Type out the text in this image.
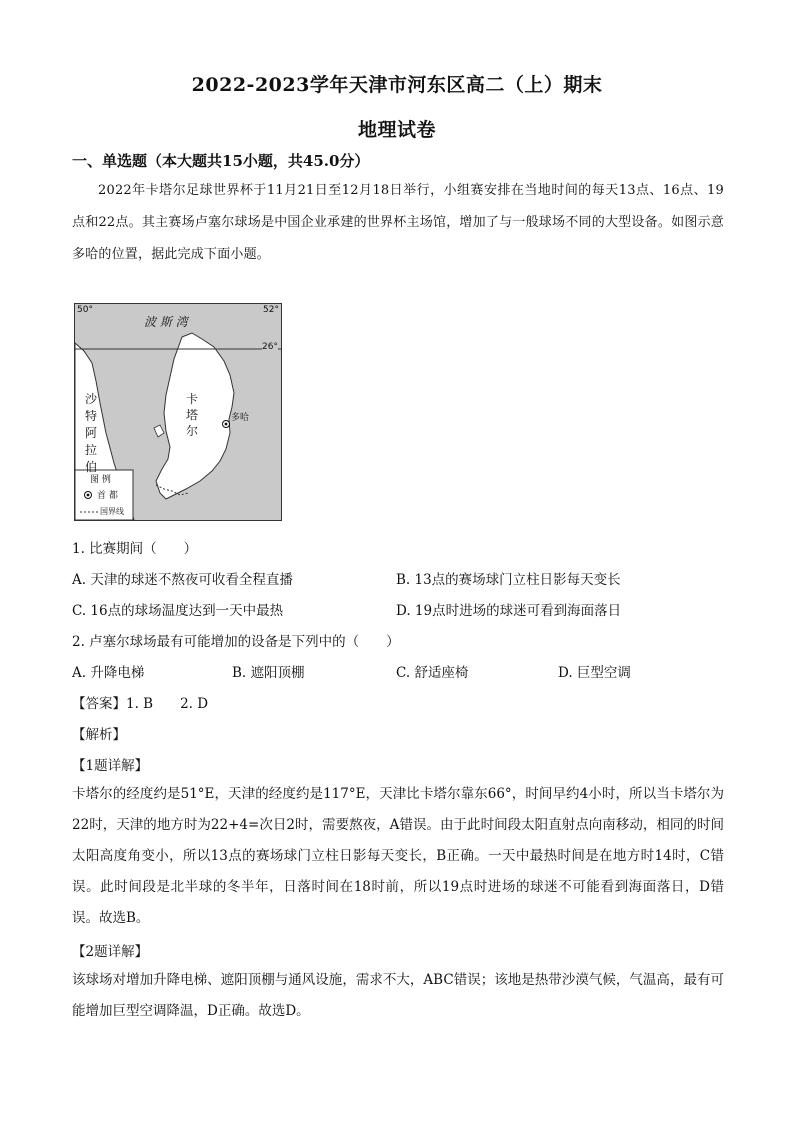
2022-2023学年天津市河东区高二（上）期末
地理试卷
一、单选题（本大题共15小题，共45.0分）

2022年卡塔尔足球世界杯于11月21日至12月18日举行，小组赛安排在当地时间的每天13点、16点、19点和22点。其主赛场卢塞尔球场是中国企业承建的世界杯主场馆，增加了与一般球场不同的大型设备。如图示意多哈的位置，据此完成下面小题。

波 斯 湾
50°	52°
26°
卡
塔
尔
沙
特
阿
拉
伯
多哈
图 例
首 都
国界线
1. 比赛期间（　　）
A. 天津的球迷不熬夜可收看全程直播	B. 13点的赛场球门立柱日影每天变长
C. 16点的球场温度达到一天中最热	D. 19点时进场的球迷可看到海面落日
2. 卢塞尔球场最有可能增加的设备是下列中的（　　）
A. 升降电梯	B. 遮阳顶棚	C. 舒适座椅	D. 巨型空调
【答案】1. B　　2. D
【解析】
【1题详解】

卡塔尔的经度约是51°E，天津的经度约是117°E，天津比卡塔尔靠东66°，时间早约4小时，所以当卡塔尔为22时，天津的地方时为22+4=次日2时，需要熬夜，A错误。由于此时间段太阳直射点向南移动，相同的时间太阳高度角变小，所以13点的赛场球门立柱日影每天变长，B正确。一天中最热时间是在地方时14时，C错误。此时间段是北半球的冬半年，日落时间在18时前，所以19点时进场的球迷不可能看到海面落日，D错误。故选B。

【2题详解】

该球场对增加升降电梯、遮阳顶棚与通风设施，需求不大，ABC错误；该地是热带沙漠气候，气温高，最有可能增加巨型空调降温，D正确。故选D。
